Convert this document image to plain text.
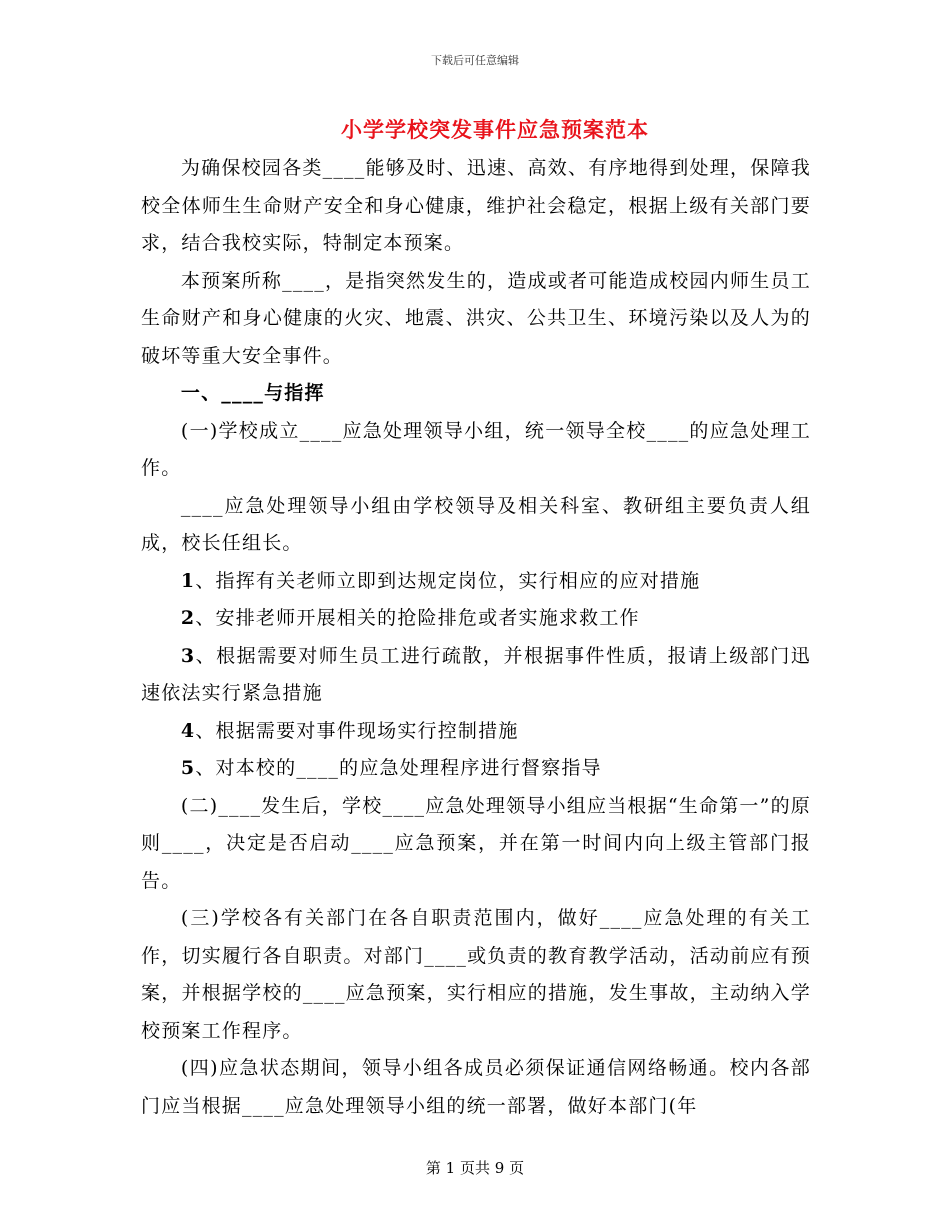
下载后可任意编辑
小学学校突发事件应急预案范本

为确保校园各类____能够及时、迅速、高效、有序地得到处理，保障我校全体师生生命财产安全和身心健康，维护社会稳定，根据上级有关部门要求，结合我校实际，特制定本预案。

本预案所称____，是指突然发生的，造成或者可能造成校园内师生员工生命财产和身心健康的火灾、地震、洪灾、公共卫生、环境污染以及人为的破坏等重大安全事件。

一、____与指挥

(一)学校成立____应急处理领导小组，统一领导全校____的应急处理工作。

____应急处理领导小组由学校领导及相关科室、教研组主要负责人组成，校长任组长。

1、指挥有关老师立即到达规定岗位，实行相应的应对措施

2、安排老师开展相关的抢险排危或者实施求救工作

3、根据需要对师生员工进行疏散，并根据事件性质，报请上级部门迅速依法实行紧急措施

4、根据需要对事件现场实行控制措施

5、对本校的____的应急处理程序进行督察指导

(二)____发生后，学校____应急处理领导小组应当根据“生命第一”的原则____，决定是否启动____应急预案，并在第一时间内向上级主管部门报告。

(三)学校各有关部门在各自职责范围内，做好____应急处理的有关工作，切实履行各自职责。对部门____或负责的教育教学活动，活动前应有预案，并根据学校的____应急预案，实行相应的措施，发生事故，主动纳入学校预案工作程序。

(四)应急状态期间，领导小组各成员必须保证通信网络畅通。校内各部门应当根据____应急处理领导小组的统一部署，做好本部门(年

第 1 页共 9 页
